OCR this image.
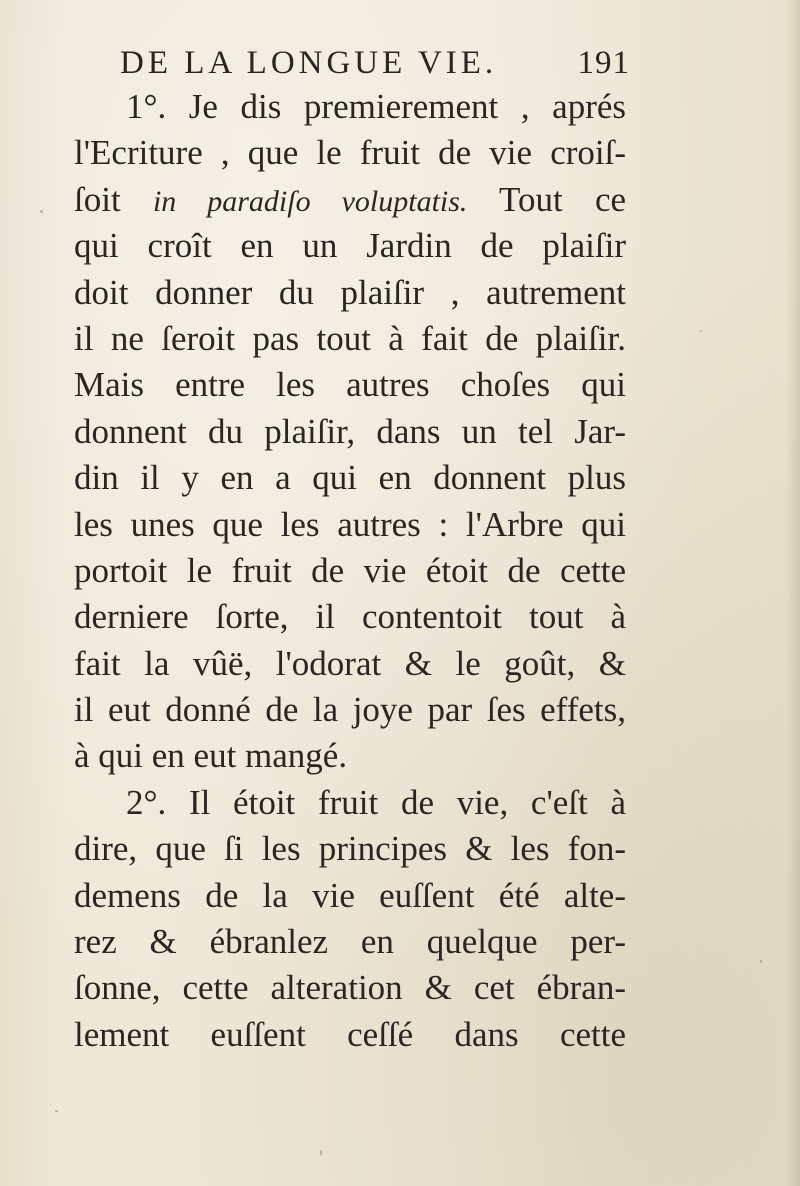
DE LA LONGUE VIE. 191
1°. Je dis premierement , aprés
l'Ecriture , que le fruit de vie croiſ-
ſoit in paradiſo voluptatis. Tout ce
qui croît en un Jardin de plaiſir
doit donner du plaiſir , autrement
il ne ſeroit pas tout à fait de plaiſir.
Mais entre les autres choſes qui
donnent du plaiſir, dans un tel Jar-
din il y en a qui en donnent plus
les unes que les autres : l'Arbre qui
portoit le fruit de vie étoit de cette
derniere ſorte, il contentoit tout à
fait la vûë, l'odorat & le goût, &
il eut donné de la joye par ſes effets,
à qui en eut mangé.
2°. Il étoit fruit de vie, c'eſt à
dire, que ſi les principes & les fon-
demens de la vie euſſent été alte-
rez & ébranlez en quelque per-
ſonne, cette alteration & cet ébran-
lement euſſent ceſſé dans cette
